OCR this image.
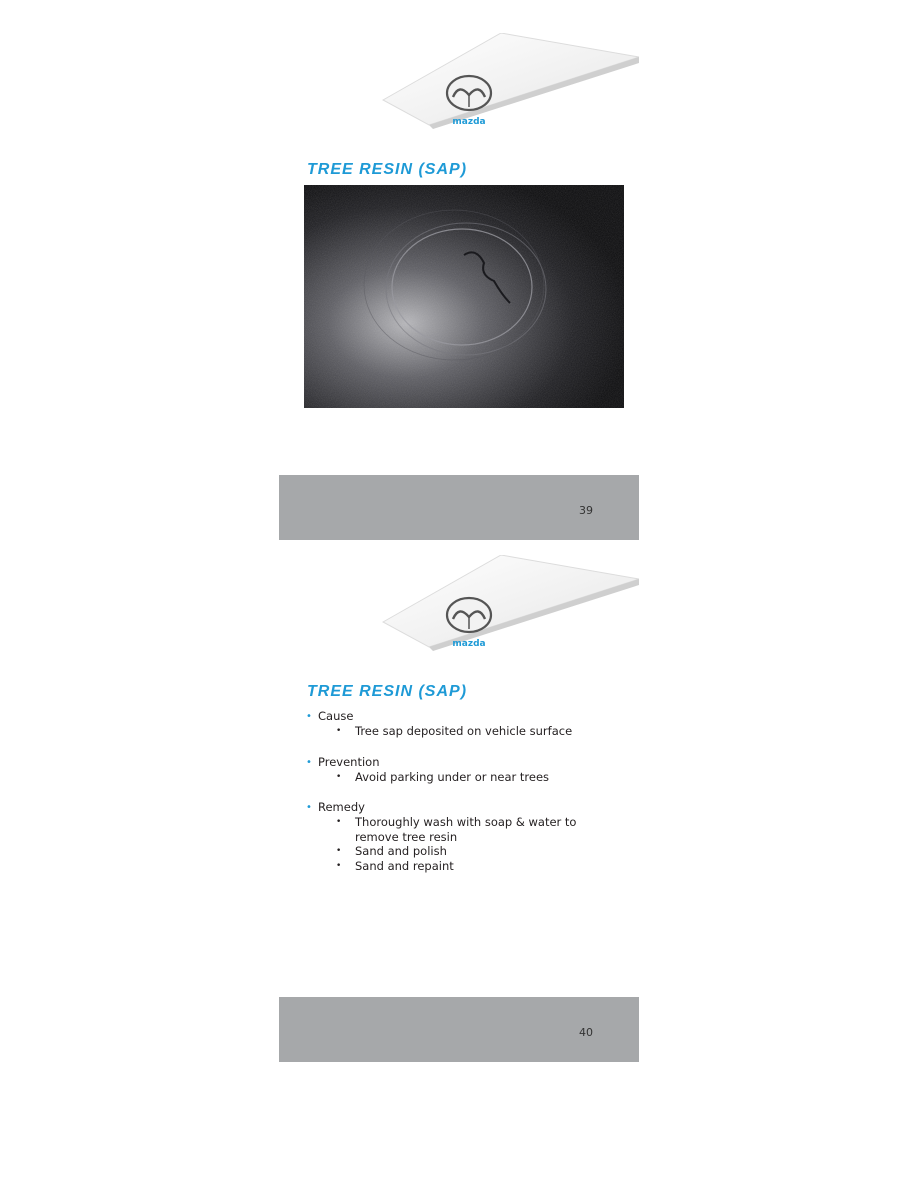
mazda
TREE RESIN (SAP)
39
mazda
TREE RESIN (SAP)
• Cause
• Tree sap deposited on vehicle surface
• Prevention
• Avoid parking under or near trees
• Remedy
• Thoroughly wash with soap & water to remove tree resin
• Sand and polish
• Sand and repaint
40
